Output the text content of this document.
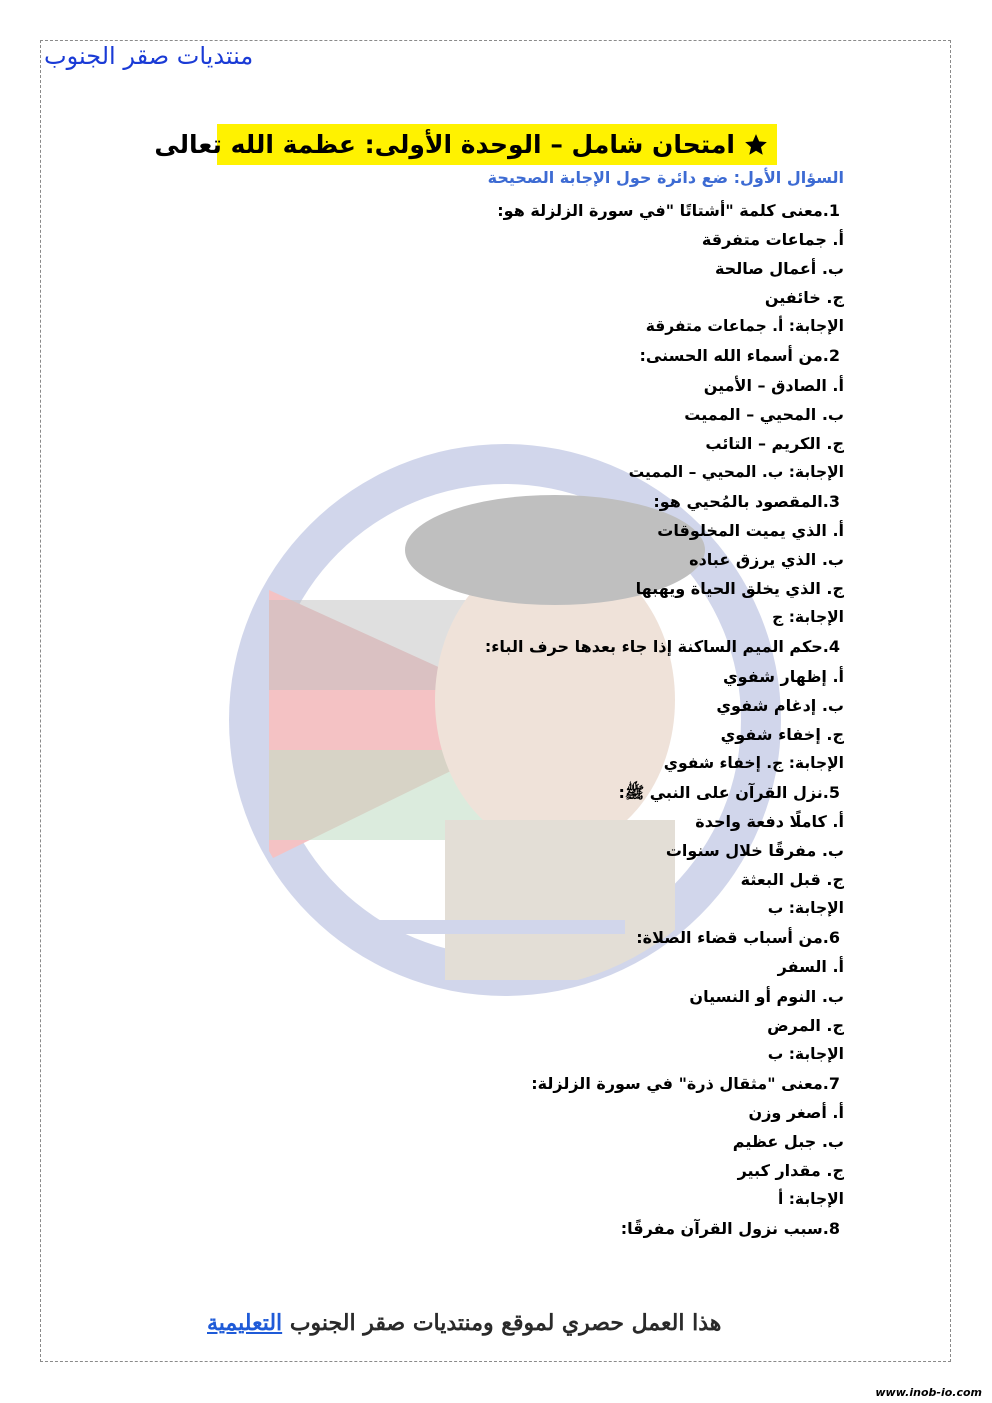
منتديات صقر الجنوب
امتحان شامل – الوحدة الأولى: عظمة الله تعالى
السؤال الأول: ضع دائرة حول الإجابة الصحيحة
1.معنى كلمة "أشتاتًا "في سورة الزلزلة هو:
أ. جماعات متفرقة
ب. أعمال صالحة
ج. خائفين
الإجابة: أ. جماعات متفرقة
2.من أسماء الله الحسنى:
أ. الصادق – الأمين
ب. المحيي – المميت
ج. الكريم – التائب
الإجابة: ب. المحيي – المميت
3.المقصود بالمُحيي هو:
أ. الذي يميت المخلوقات
ب. الذي يرزق عباده
ج. الذي يخلق الحياة ويهبها
الإجابة: ج
4.حكم الميم الساكنة إذا جاء بعدها حرف الباء:
أ. إظهار شفوي
ب. إدغام شفوي
ج. إخفاء شفوي
الإجابة: ج. إخفاء شفوي
5.نزل القرآن على النبي ﷺ:
أ. كاملًا دفعة واحدة
ب. مفرقًا خلال سنوات
ج. قبل البعثة
الإجابة: ب
6.من أسباب قضاء الصلاة:
أ. السفر
ب. النوم أو النسيان
ج. المرض
الإجابة: ب
7.معنى "مثقال ذرة" في سورة الزلزلة:
أ. أصغر وزن
ب. جبل عظيم
ج. مقدار كبير
الإجابة: أ
8.سبب نزول القرآن مفرقًا:
هذا العمل حصري لموقع ومنتديات صقر الجنوب التعليمية
www.inob-io.com
